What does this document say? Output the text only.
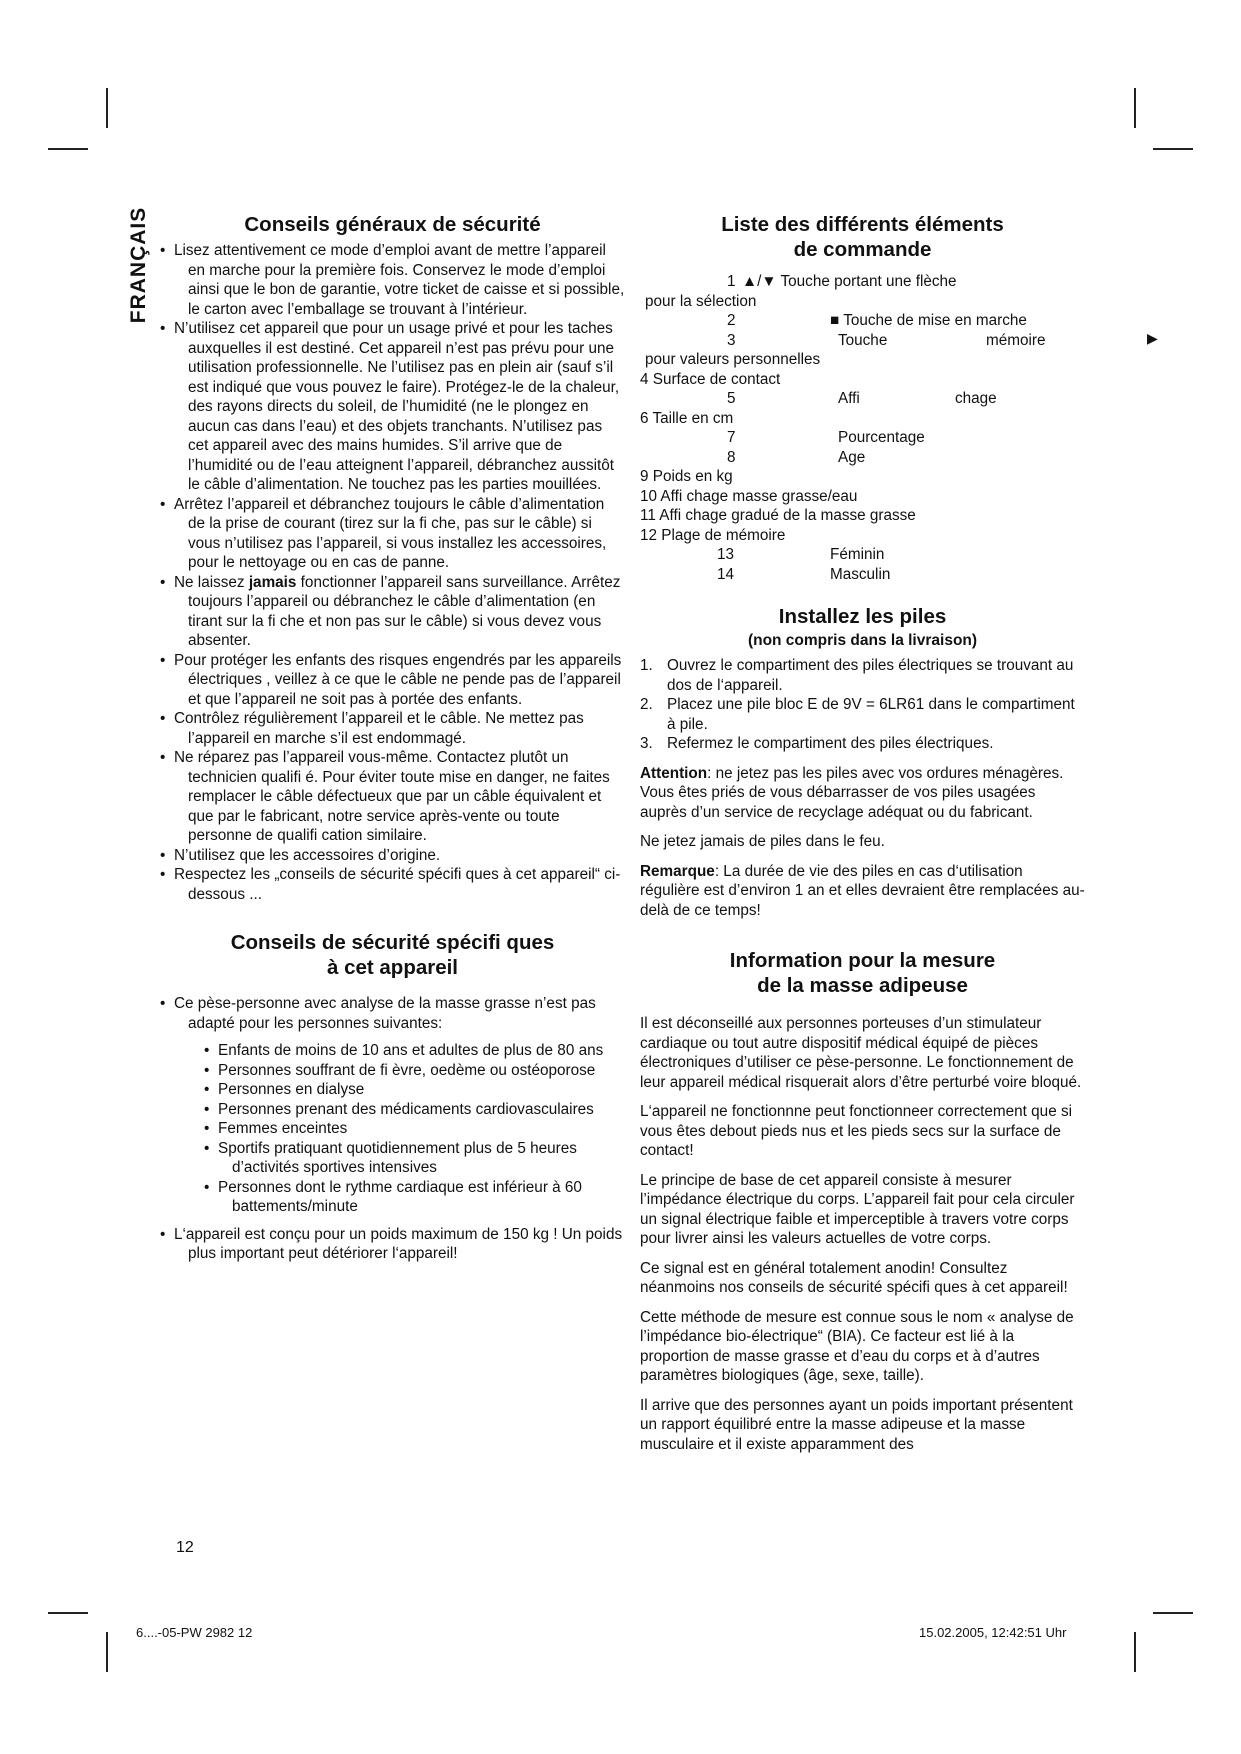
FRANÇAIS	Conseils généraux de sécurité
• Lisez attentivement ce mode d’emploi avant de mettre l’appareil en marche pour la première fois. Conservez le mode d’emploi ainsi que le bon de garantie, votre ticket de caisse et si possible, le carton avec l’emballage se trouvant à l’intérieur.
• N’utilisez cet appareil que pour un usage privé et pour les taches auxquelles il est destiné. Cet appareil n’est pas prévu pour une utilisation professionnelle. Ne l’utilisez pas en plein air (sauf s’il est indiqué que vous pouvez le faire). Protégez-le de la chaleur, des rayons directs du soleil, de l’humidité (ne le plongez en aucun cas dans l’eau) et des objets tranchants. N’utilisez pas cet appareil avec des mains humides. S’il arrive que de l’humidité ou de l’eau atteignent l’appareil, débranchez aussitôt le câble d’alimentation. Ne touchez pas les parties mouillées.
• Arrêtez l’appareil et débranchez toujours le câble d’alimentation de la prise de courant (tirez sur la fi che, pas sur le câble) si vous n’utilisez pas l’appareil, si vous installez les accessoires, pour le nettoyage ou en cas de panne.
• Ne laissez jamais fonctionner l’appareil sans surveillance. Arrêtez toujours l’appareil ou débranchez le câble d’alimentation (en tirant sur la fi che et non pas sur le câble) si vous devez vous absenter.
• Pour protéger les enfants des risques engendrés par les appareils électriques , veillez à ce que le câble ne pende pas de l’appareil et que l’appareil ne soit pas à portée des enfants.
• Contrôlez régulièrement l’appareil et le câble. Ne mettez pas l’appareil en marche s’il est endommagé.
• Ne réparez pas l’appareil vous-même. Contactez plutôt un technicien qualifi é. Pour éviter toute mise en danger, ne faites remplacer le câble défectueux que par un câble équivalent et que par le fabricant, notre service après-vente ou toute personne de qualifi cation similaire.
• N’utilisez que les accessoires d’origine.
• Respectez les „conseils de sécurité spécifi ques à cet appareil“ ci-dessous ...
Conseils de sécurité spécifi ques
à cet appareil
• Ce pèse-personne avec analyse de la masse grasse n’est pas adapté pour les personnes suivantes:
• Enfants de moins de 10 ans et adultes de plus de 80 ans
• Personnes souffrant de fi èvre, oedème ou ostéoporose
• Personnes en dialyse
• Personnes prenant des médicaments cardiovasculaires
• Femmes enceintes
• Sportifs pratiquant quotidiennement plus de 5 heures d’activités sportives intensives
• Personnes dont le rythme cardiaque est inférieur à 60 battements/minute
• L‘appareil est conçu pour un poids maximum de 150 kg ! Un poids plus important peut détériorer l‘appareil!
Liste des différents éléments
de commande
1 ▲/▼ Touche portant une flèche
pour la sélection
2	■ Touche de mise en marche
3	Touche	mémoire
pour valeurs personnelles
4 Surface de contact
5	Affi	chage
6 Taille en cm
7	Pourcentage
8	Age
9 Poids en kg
10 Affi chage masse grasse/eau
11 Affi chage gradué de la masse grasse
12 Plage de mémoire
13	Féminin
14	Masculin
Installez les piles
(non compris dans la livraison)
1. Ouvrez le compartiment des piles électriques se trouvant au dos de l‘appareil.
2. Placez une pile bloc E de 9V = 6LR61 dans le compartiment à pile.
3. Refermez le compartiment des piles électriques.

Attention: ne jetez pas les piles avec vos ordures ménagères. Vous êtes priés de vous débarrasser de vos piles usagées auprès d’un service de recyclage adéquat ou du fabricant.

Ne jetez jamais de piles dans le feu.

Remarque: La durée de vie des piles en cas d‘utilisation régulière est d’environ 1 an et elles devraient être remplacées au-delà de ce temps!

Information pour la mesure
de la masse adipeuse

Il est déconseillé aux personnes porteuses d’un stimulateur cardiaque ou tout autre dispositif médical équipé de pièces électroniques d’utiliser ce pèse-personne. Le fonctionnement de leur appareil médical risquerait alors d’être perturbé voire bloqué.

L‘appareil ne fonctionnne peut fonctionneer correctement que si vous êtes debout pieds nus et les pieds secs sur la surface de contact!

Le principe de base de cet appareil consiste à mesurer l’impédance électrique du corps. L’appareil fait pour cela circuler un signal électrique faible et imperceptible à travers votre corps pour livrer ainsi les valeurs actuelles de votre corps.

Ce signal est en général totalement anodin! Consultez néanmoins nos conseils de sécurité spécifi ques à cet appareil!

Cette méthode de mesure est connue sous le nom « analyse de l’impédance bio-électrique“ (BIA). Ce facteur est lié à la proportion de masse grasse et d’eau du corps et à d’autres paramètres biologiques (âge, sexe, taille).

Il arrive que des personnes ayant un poids important présentent un rapport équilibré entre la masse adipeuse et la masse musculaire et il existe apparamment des

▶
12
6....-05-PW 2982 12	15.02.2005, 12:42:51 Uhr
